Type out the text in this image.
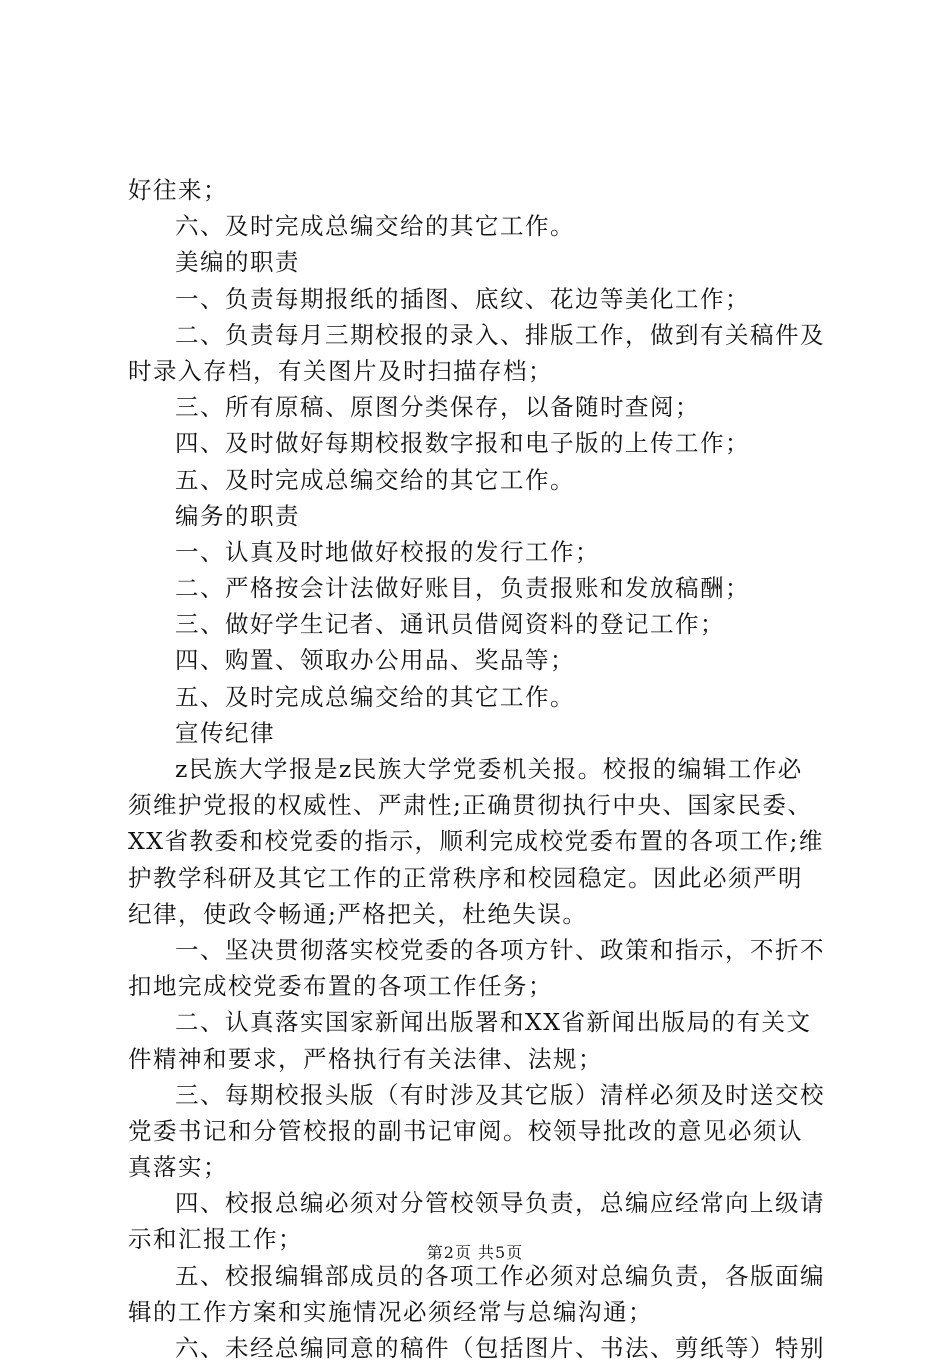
好往来；
六、及时完成总编交给的其它工作。
美编的职责
一、负责每期报纸的插图、底纹、花边等美化工作；
二、负责每月三期校报的录入、排版工作，做到有关稿件及
时录入存档，有关图片及时扫描存档；
三、所有原稿、原图分类保存，以备随时查阅；
四、及时做好每期校报数字报和电子版的上传工作；
五、及时完成总编交给的其它工作。
编务的职责
一、认真及时地做好校报的发行工作；
二、严格按会计法做好账目，负责报账和发放稿酬；
三、做好学生记者、通讯员借阅资料的登记工作；
四、购置、领取办公用品、奖品等；
五、及时完成总编交给的其它工作。
宣传纪律
z民族大学报是z民族大学党委机关报。校报的编辑工作必
须维护党报的权威性、严肃性;正确贯彻执行中央、国家民委、
XX省教委和校党委的指示，顺利完成校党委布置的各项工作;维
护教学科研及其它工作的正常秩序和校园稳定。因此必须严明
纪律，使政令畅通;严格把关，杜绝失误。
一、坚决贯彻落实校党委的各项方针、政策和指示，不折不
扣地完成校党委布置的各项工作任务；
二、认真落实国家新闻出版署和XX省新闻出版局的有关文
件精神和要求，严格执行有关法律、法规；
三、每期校报头版（有时涉及其它版）清样必须及时送交校
党委书记和分管校报的副书记审阅。校领导批改的意见必须认
真落实；
四、校报总编必须对分管校领导负责，总编应经常向上级请
示和汇报工作；
五、校报编辑部成员的各项工作必须对总编负责，各版面编
辑的工作方案和实施情况必须经常与总编沟通；
六、未经总编同意的稿件（包括图片、书法、剪纸等）特别
第2页 共5页
